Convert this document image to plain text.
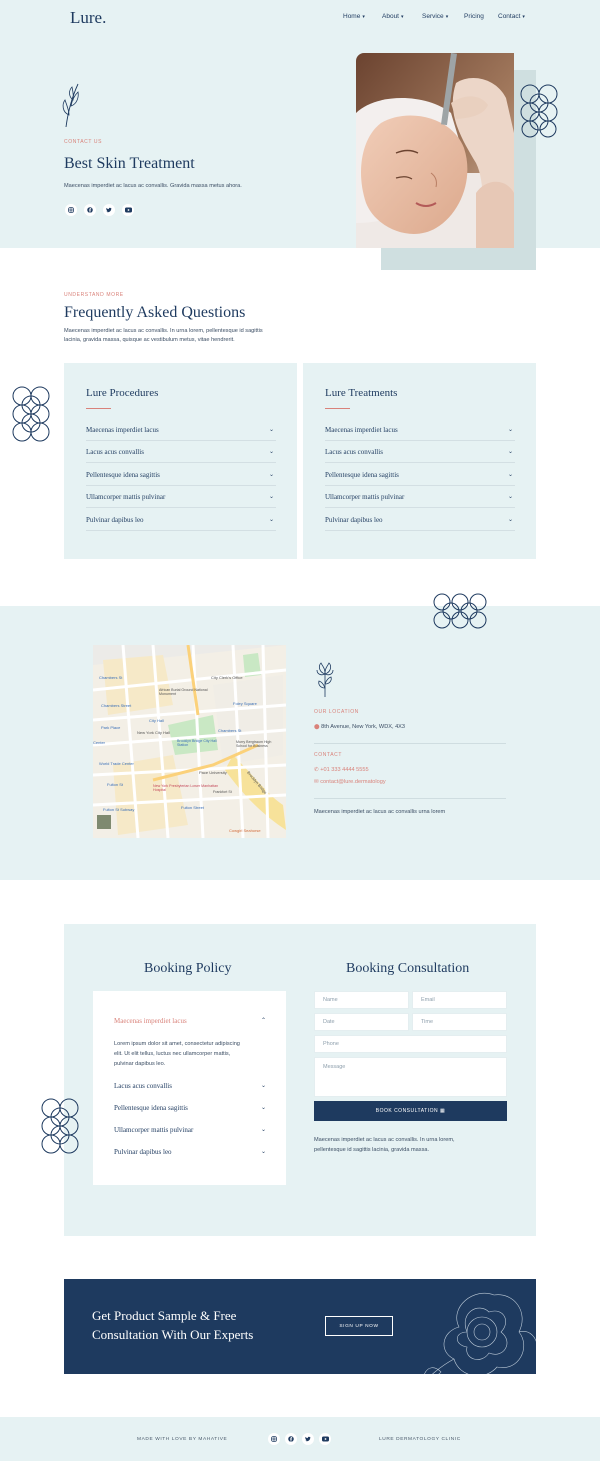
Lure.	Home ▾	About ▾	Service ▾ Pricing Contact ▾
CONTACT US
Best Skin Treatment
Maecenas imperdiet ac lacus ac convallis. Gravida massa metus ahora.
UNDERSTAND MORE
Frequently Asked Questions
Maecenas imperdiet ac lacus ac convallis. In urna lorem, pellentesque id sagittis
lacinia, gravida massa, quisque ac vestibulum metus, vitae hendrerit.
Lure Procedures
Maecenas imperdiet lacus	⌄
Lacus acus convallis	⌄
Pellentesque idena sagittis	⌄
Ullamcorper mattis pulvinar	⌄
Pulvinar dapibus leo	⌄
Lure Treatments
Maecenas imperdiet lacus	⌄
Lacus acus convallis	⌄
Pellentesque idena sagittis	⌄
Ullamcorper mattis pulvinar	⌄
Pulvinar dapibus leo	⌄
Chambers St	City Clerk's Office
African Burial Ground National Monument
Chambers Street	Foley Square
City Hall
Park Place
New York City Hall
Brooklyn Bridge City Hall Station
Chambers St
Murry Bergtraum High School for Business
World Trade Center
Pace University
New York Presbyterian Lower Manhattan Hospital
Fulton St
Fulton Street
Fulton St Subway
Brooklyn Bridge
Cowgirl Seahorse
Center
Frankfort St
OUR LOCATION
⬤ 8th Avenue, New York, WDX, 4X3
CONTACT
✆ +01 333 4444 5555
✉ contact@lure.dermatology
Maecenas imperdiet ac lacus ac convallis urna lorem
Booking Policy	Booking Consultation
Maecenas imperdiet lacus	⌃
Lorem ipsum dolor sit amet, consectetur adipiscing
elit. Ut elit tellus, luctus nec ullamcorper mattis,
pulvinar dapibus leo.
Lacus acus convallis	⌄
Pellentesque idena sagittis	⌄
Ullamcorper mattis pulvinar	⌄
Pulvinar dapibus leo	⌄
Name	Email
Date	Time
Phone
Message
BOOK CONSULTATION
▦
Maecenas imperdiet ac lacus ac convallis. In urna lorem,
pellentesque id sagittis lacinia, gravida massa.
Get Product Sample & Free
Consultation With Our Experts
SIGN UP NOW
MADE WITH LOVE BY MAHATIVE	LURE DERMATOLOGY CLINIC
